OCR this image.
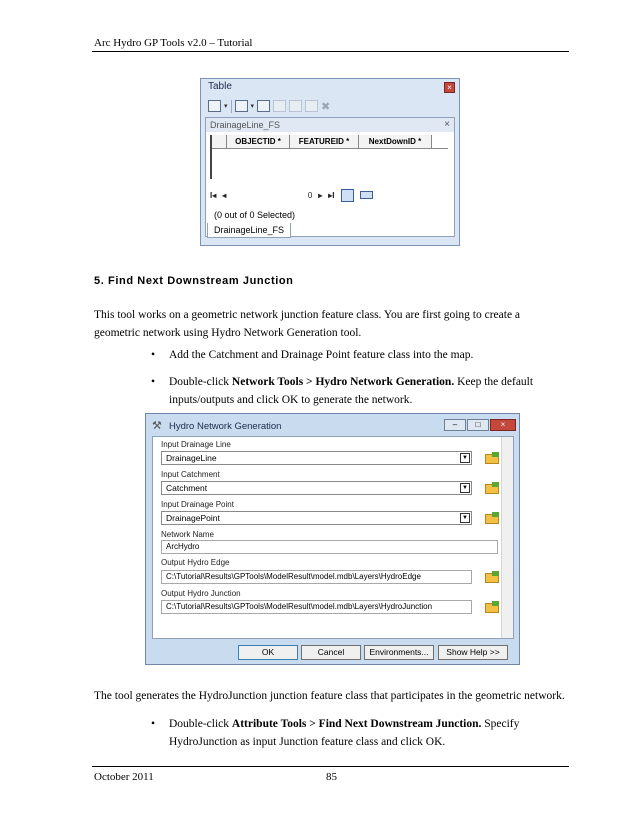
Arc Hydro GP Tools v2.0 – Tutorial
Table	×
▾	▾	✖
DrainageLine_FS	×
OBJECTID *	FEATUREID *	NextDownID *
I◂ ◂	0 ▸ ▸I
(0 out of 0 Selected)
DrainageLine_FS
5. Find Next Downstream Junction
This tool works on a geometric network junction feature class. You are first going to create a geometric network using Hydro Network Generation tool.
• Add the Catchment and Drainage Point feature class into the map.
• Double-click Network Tools > Hydro Network Generation. Keep the default inputs/outputs and click OK to generate the network.
⚒ Hydro Network Generation	–	□	×
Input Drainage Line
DrainageLine	▼
Input Catchment
Catchment	▼
Input Drainage Point
DrainagePoint	▼
Network Name
ArcHydro
Output Hydro Edge
C:\Tutorial\Results\GPTools\ModelResult\model.mdb\Layers\HydroEdge
Output Hydro Junction
C:\Tutorial\Results\GPTools\ModelResult\model.mdb\Layers\HydroJunction
OK	Cancel	Environments...	Show Help >>
The tool generates the HydroJunction junction feature class that participates in the geometric network.
• Double-click Attribute Tools > Find Next Downstream Junction. Specify HydroJunction as input Junction feature class and click OK.
October 2011	85
